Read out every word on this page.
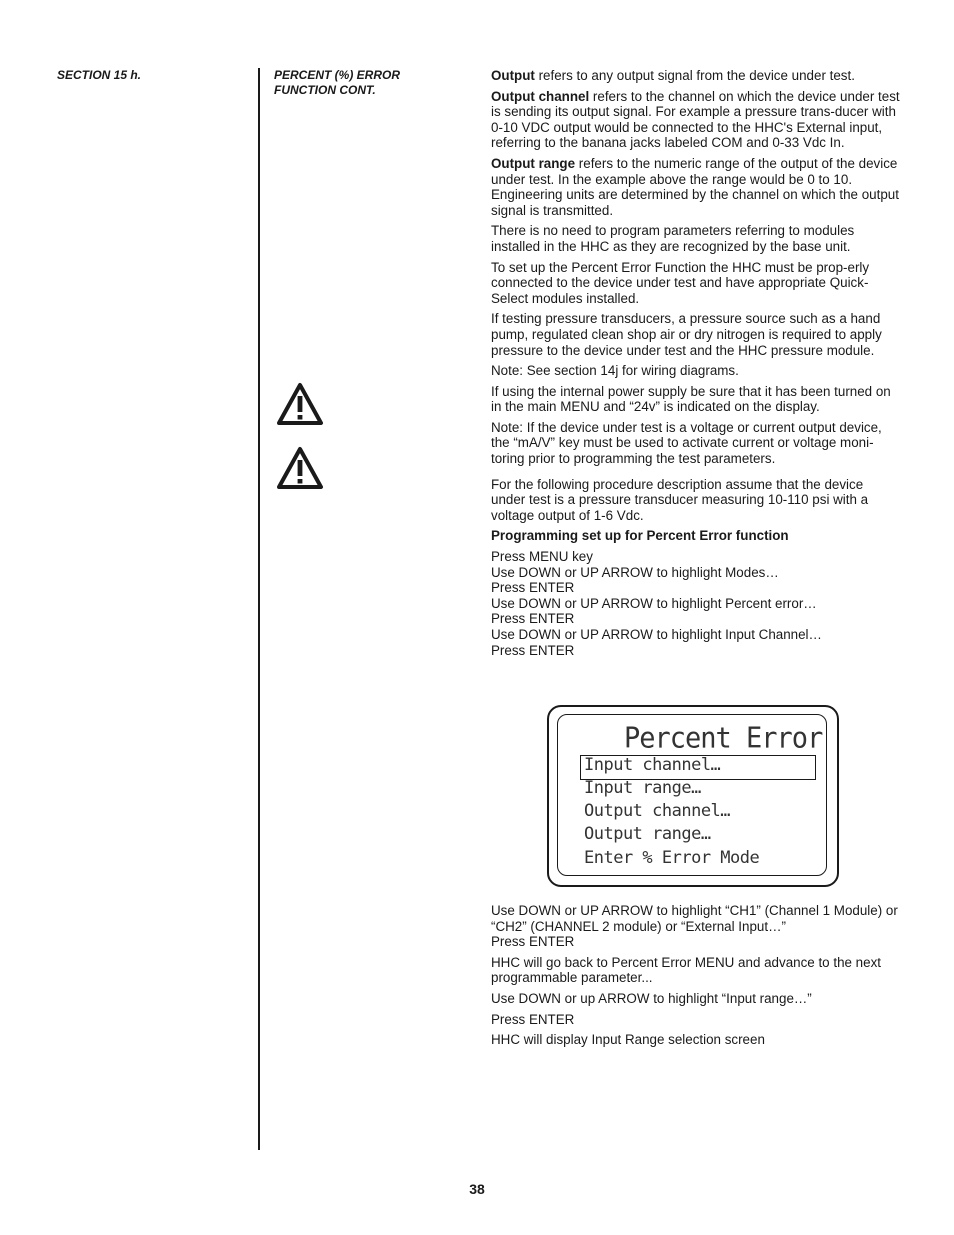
SECTION 15 h.	PERCENT (%) ERROR FUNCTION CONT.

Output refers to any output signal from the device under test.

Output channel refers to the channel on which the device under test is sending its output signal. For example a pressure trans-ducer with 0-10 VDC output would be connected to the HHC's External input, referring to the banana jacks labeled COM and 0-33 Vdc In.

Output range refers to the numeric range of the output of the device under test. In the example above the range would be 0 to 10. Engineering units are determined by the channel on which the output signal is transmitted.

There is no need to program parameters referring to modules installed in the HHC as they are recognized by the base unit.

To set up the Percent Error Function the HHC must be prop-erly connected to the device under test and have appropriate Quick-Select modules installed.

If testing pressure transducers, a pressure source such as a hand pump, regulated clean shop air or dry nitrogen is required to apply pressure to the device under test and the HHC pressure module.

Note: See section 14j for wiring diagrams.

If using the internal power supply be sure that it has been turned on in the main MENU and “24v” is indicated on the display.

Note: If the device under test is a voltage or current output device, the “mA/V” key must be used to activate current or voltage moni-toring prior to programming the test parameters.

For the following procedure description assume that the device under test is a pressure transducer measuring 10-110 psi with a voltage output of 1-6 Vdc.

Programming set up for Percent Error function

Press MENU key
Use DOWN or UP ARROW to highlight Modes…
Press ENTER
Use DOWN or UP ARROW to highlight Percent error…
Press ENTER
Use DOWN or UP ARROW to highlight Input Channel…
Press ENTER
Percent Error
Input channel…
Input range…
Output channel…
Output range…
Enter % Error Mode

Use DOWN or UP ARROW to highlight “CH1” (Channel 1 Module) or “CH2” (CHANNEL 2 module) or “External Input…”

Press ENTER

HHC will go back to Percent Error MENU and advance to the next programmable parameter...

Use DOWN or up ARROW to highlight “Input range…”

Press ENTER

HHC will display Input Range selection screen

38
